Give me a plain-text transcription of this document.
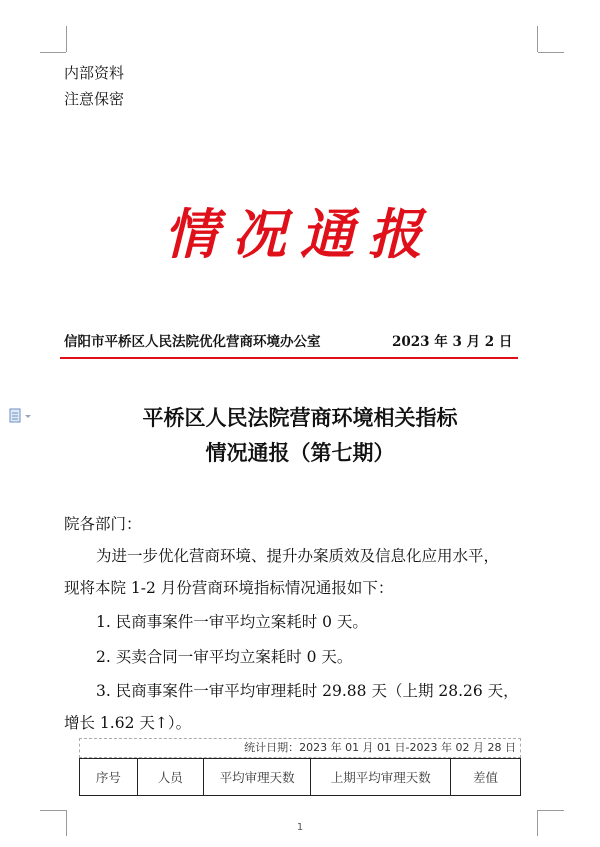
内部资料
注意保密
情况通报
信阳市平桥区人民法院优化营商环境办公室	2023 年 3 月 2 日
平桥区人民法院营商环境相关指标
情况通报（第七期）
院各部门：
为进一步优化营商环境、提升办案质效及信息化应用水平，
现将本院 1-2 月份营商环境指标情况通报如下：
1. 民商事案件一审平均立案耗时 0 天。
2. 买卖合同一审平均立案耗时 0 天。
3. 民商事案件一审平均审理耗时 29.88 天（上期 28.26 天，
增长 1.62 天↑）。
统计日期：2023 年 01 月 01 日-2023 年 02 月 28 日
序号	人员	平均审理天数	上期平均审理天数	差值
1
